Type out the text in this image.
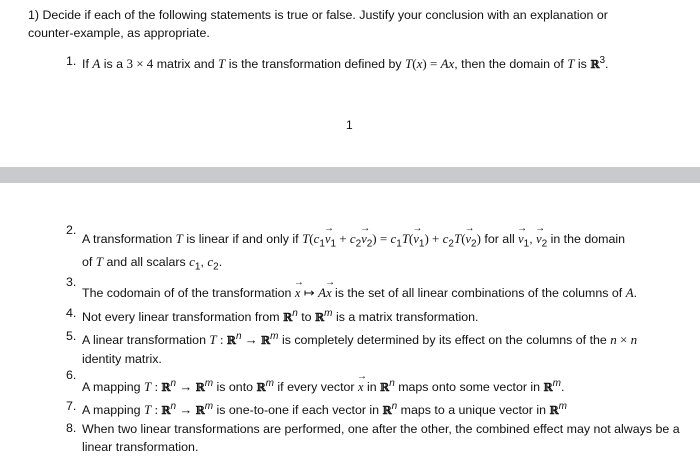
1) Decide if each of the following statements is true or false. Justify your conclusion with an explanation or
counter-example, as appropriate.
1. If A is a 3 × 4 matrix and T is the transformation defined by T(x) = Ax, then the domain of T is ℝ$^3$.
1
2.
A transformation T is linear if and only if $T(c_1\to v_1 + c_2\to v_2) = c_1T(\to v_1) + c_2T(\to v_2)$ for all → $v_1$, → $v_2$ in the domain
of T and all scalars $c_1$, $c_2$.
3.
The codomain of of the transformation → x ↦ A→ x is the set of all linear combinations of the columns of A.
4. Not every linear transformation from ℝ$^n$ to ℝ$^m$ is a matrix transformation.
5. A linear transformation T : ℝ$^n$ → ℝ$^m$ is completely determined by its effect on the columns of the n × n
identity matrix.
6.
A mapping T : ℝ$^n$ → ℝ$^m$ is onto ℝ$^m$ if every vector → x in ℝ$^n$ maps onto some vector in ℝ$^m$.
7. A mapping T : ℝ$^n$ → ℝ$^m$ is one-to-one if each vector in ℝ$^n$ maps to a unique vector in ℝ$^m$
8. When two linear transformations are performed, one after the other, the combined effect may not always be a linear transformation.
